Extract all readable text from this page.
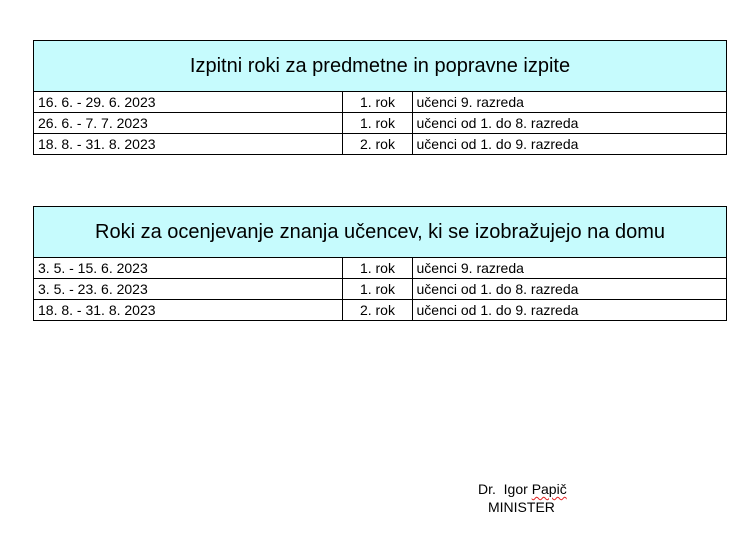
Izpitni roki za predmetne in popravne izpite		
16. 6. - 29. 6. 2023	1. rok	učenci 9. razreda
26. 6. - 7. 7. 2023	1. rok	učenci od 1. do 8. razreda
18. 8. - 31. 8. 2023	2. rok	učenci od 1. do 9. razreda
Roki za ocenjevanje znanja učencev, ki se izobražujejo na domu		
3. 5. - 15. 6. 2023	1. rok	učenci 9. razreda
3. 5. - 23. 6. 2023	1. rok	učenci od 1. do 8. razreda
18. 8. - 31. 8. 2023	2. rok	učenci od 1. do 9. razreda
Dr.  Igor Papič
MINISTER
